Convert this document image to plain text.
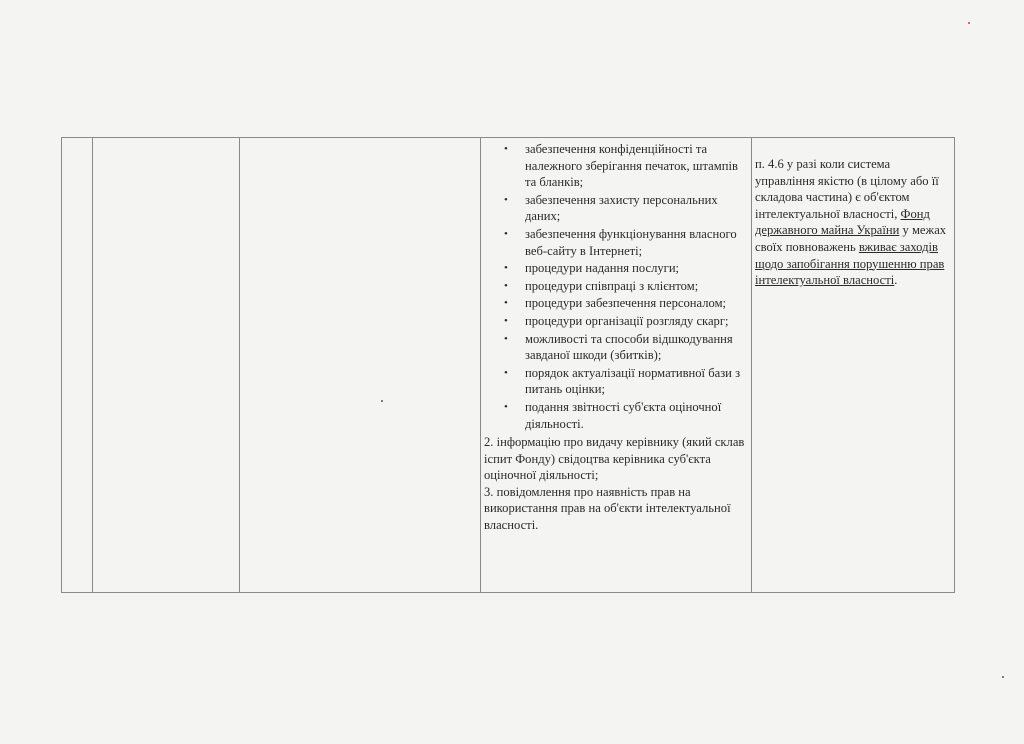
• забезпечення конфіденційності та належного зберігання печаток, штампів та бланків;
• забезпечення захисту персональних даних;
• забезпечення функціонування власного веб-сайту в Інтернеті;
• процедури надання послуги;
• процедури співпраці з клієнтом;
• процедури забезпечення персоналом;
• процедури організації розгляду скарг;
• можливості та способи відшкодування завданої шкоди (збитків);
• порядок актуалізації нормативної бази з питань оцінки;
• подання звітності суб'єкта оціночної діяльності.

2. інформацію про видачу керівнику (який склав іспит Фонду) свідоцтва керівника суб'єкта оціночної діяльності;

3. повідомлення про наявність прав на використання прав на об'єкти інтелектуальної власності.

п. 4.6 у разі коли система управління якістю (в цілому або її складова частина) є об'єктом інтелектуальної власності, Фонд державного майна України у межах своїх повноважень вживає заходів щодо запобігання порушенню прав інтелектуальної власності.
